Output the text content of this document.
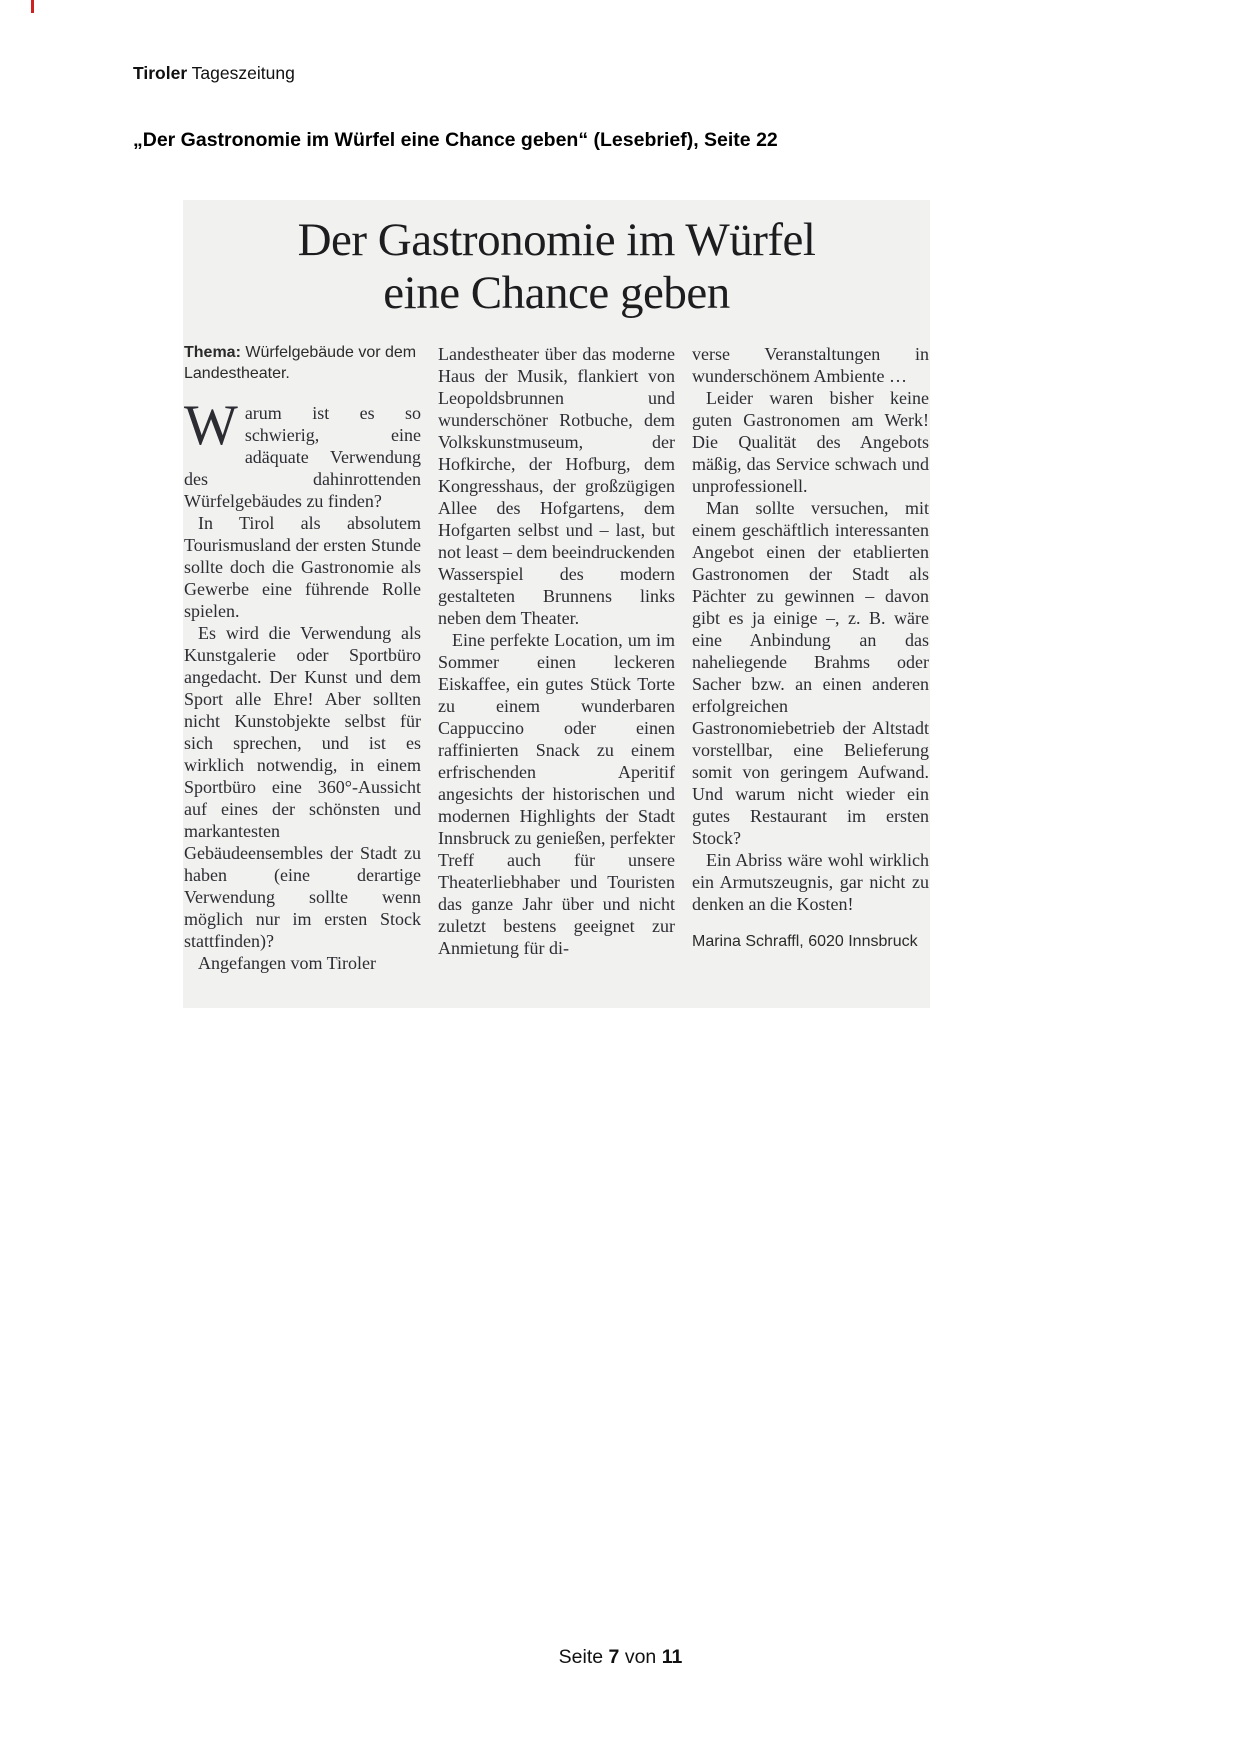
Tiroler Tageszeitung
„Der Gastronomie im Würfel eine Chance geben“ (Lesebrief), Seite 22
Der Gastronomie im Würfel
eine Chance geben

Thema: Würfelgebäude vor dem Landestheater.

Warum ist es so schwierig, eine adäquate Verwendung des dahinrottenden Würfelgebäudes zu finden?

In Tirol als absolutem Tourismusland der ersten Stunde sollte doch die Gastronomie als Gewerbe eine führende Rolle spielen.

Es wird die Verwendung als Kunstgalerie oder Sportbüro angedacht. Der Kunst und dem Sport alle Ehre! Aber sollten nicht Kunstobjekte selbst für sich sprechen, und ist es wirklich notwendig, in einem Sportbüro eine 360°-Aussicht auf eines der schönsten und markantesten Gebäudeensembles der Stadt zu haben (eine derartige Verwendung sollte wenn möglich nur im ersten Stock stattfinden)?

Angefangen vom Tiroler

Landestheater über das moderne Haus der Musik, flankiert von Leopoldsbrunnen und wunderschöner Rotbuche, dem Volkskunstmuseum, der Hofkirche, der Hofburg, dem Kongresshaus, der großzügigen Allee des Hofgartens, dem Hofgarten selbst und – last, but not least – dem beeindruckenden Wasserspiel des modern gestalteten Brunnens links neben dem Theater.

Eine perfekte Location, um im Sommer einen leckeren Eiskaffee, ein gutes Stück Torte zu einem wunderbaren Cappuccino oder einen raffinierten Snack zu einem erfrischenden Aperitif angesichts der historischen und modernen Highlights der Stadt Innsbruck zu genießen, perfekter Treff auch für unsere Theaterliebhaber und Touristen das ganze Jahr über und nicht zuletzt bestens geeignet zur Anmietung für di-

verse Veranstaltungen in wunderschönem Ambiente …

Leider waren bisher keine guten Gastronomen am Werk! Die Qualität des Angebots mäßig, das Service schwach und unprofessionell.

Man sollte versuchen, mit einem geschäftlich interessanten Angebot einen der etablierten Gastronomen der Stadt als Pächter zu gewinnen – davon gibt es ja einige –, z. B. wäre eine Anbindung an das naheliegende Brahms oder Sacher bzw. an einen anderen erfolgreichen Gastronomiebetrieb der Altstadt vorstellbar, eine Belieferung somit von geringem Aufwand. Und warum nicht wieder ein gutes Restaurant im ersten Stock?

Ein Abriss wäre wohl wirklich ein Armutszeugnis, gar nicht zu denken an die Kosten!

Marina Schraffl, 6020 Innsbruck

Seite 7 von 11
